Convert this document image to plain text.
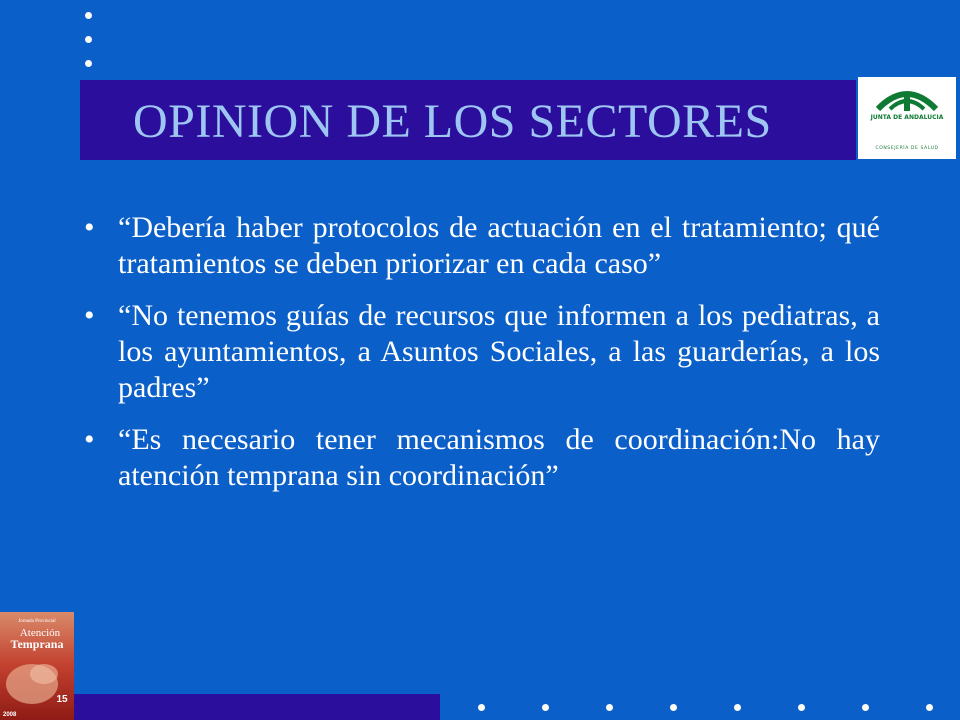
OPINION DE LOS SECTORES	JUNTA DE ANDALUCIA
CONSEJERÍA DE SALUD
• “Debería haber protocolos de actuación en el tratamiento; qué tratamientos se deben priorizar en cada caso”
• “No tenemos guías de recursos que informen a los pediatras, a los ayuntamientos, a Asuntos Sociales, a las guarderías, a los padres”
• “Es necesario tener mecanismos de coordinación:No hay atención temprana sin coordinación”
Jornada Provincial
Atención
Temprana
15
2008
